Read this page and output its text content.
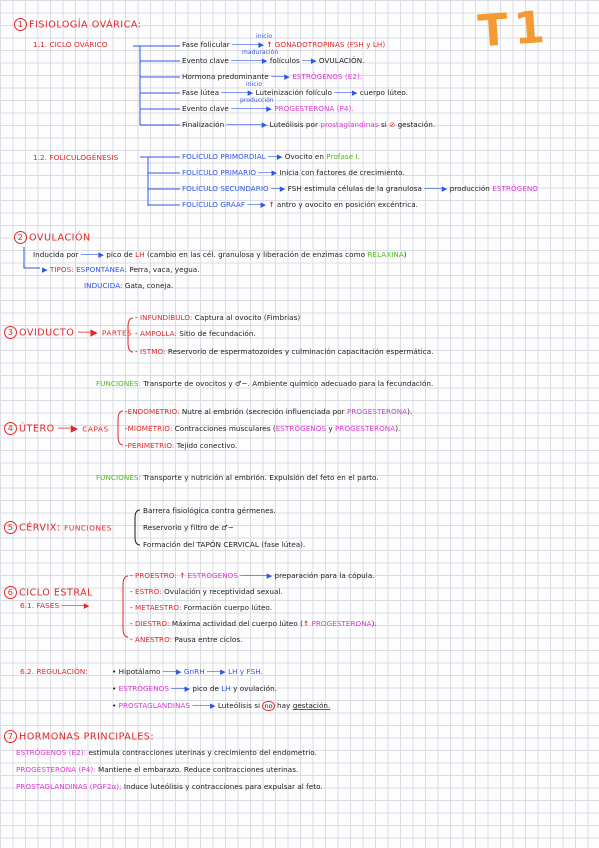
T1
1 FISIOLOGÍA OVÁRICA:
1.1. CICLO OVÁRICO	Fase folicular ──────▶ ↑ GONADOTROPINAS (FSH y LH)
inicio
Evento clave ───────▶ folículos ──▶ OVULACIÓN.
maduración
Hormona predominante ───▶ ESTRÓGENOS (E2).
Fase lútea ──────▶ Luteinización folículo ────▶ cuerpo lúteo.
inicio
Evento clave ────────▶ PROGESTERONA (P4).
producción
Finalización ────────▶ Luteólisis por prostaglandinas si ⊘ gestación.
1.2. FOLICULOGÉNESIS	FOLÍCULO PRIMORDIAL ──▶ Ovocito en Profase I.
FOLÍCULO PRIMARIO ───▶ Inicia con factores de crecimiento.
FOLÍCULO SECUNDARIO ──▶ FSH estimula células de la granulosa ────▶ producción ESTRÓGENO
FOLÍCULO GRAAF ───▶ ↑ antro y ovocito en posición excéntrica.
2 OVULACIÓN
Inducida por ────▶ pico de LH (cambio en las cél. granulosa y liberación de enzimas como RELAXINA)
▶ TIPOS: ESPONTÁNEA: Perra, vaca, yegua.
INDUCIDA: Gata, coneja.
3 OVIDUCTO ──▶ PARTES
- INFUNDÍBULO: Captura al ovocito (Fimbrias)
- AMPOLLA: Sitio de fecundación.
- ISTMO: Reservorio de espermatozoides y culminación capacitación espermática.
FUNCIONES: Transporte de ovocitos y ♂~. Ambiente químico adecuado para la fecundación.
4 ÚTERO ──▶ CAPAS
-ENDOMETRIO: Nutre al embrión (secreción influenciada por PROGESTERONA).
-MIOMETRIO: Contracciones musculares (ESTRÓGENOS y PROGESTERONA).
-PERIMETRIO: Tejido conectivo.
FUNCIONES: Transporte y nutrición al embrión. Expulsión del feto en el parto.
5 CÉRVIX: FUNCIONES
Barrera fisiológica contra gérmenes.
Reservorio y filtro de ♂~
Formación del TAPÓN CERVICAL (fase lútea).
6 CICLO ESTRAL
6.1. FASES ─────▶
- PROESTRO: ↑ ESTRÓGENOS ──────▶ preparación para la cópula.
- ESTRO: Ovulación y receptividad sexual.
- METAESTRO: Formación cuerpo lúteo.
- DIESTRO: Máxima actividad del cuerpo lúteo (↑ PROGESTERONA).
- ANESTRO: Pausa entre ciclos.
6.2. REGULACIÓN:	• Hipotálamo ───▶ GnRH ───▶ LH y FSH.
• ESTRÓGENOS ───▶ pico de LH y ovulación.
• PROSTAGLANDINAS ────▶ Luteólisis si no hay gestación.
7 HORMONAS PRINCIPALES:
ESTRÓGENOS (E2): estimula contracciones uterinas y crecimiento del endometrio.
PROGESTERONA (P4): Mantiene el embarazo. Reduce contracciones uterinas.
PROSTAGLANDINAS (PGF2α): Induce luteólisis y contracciones para expulsar al feto.
